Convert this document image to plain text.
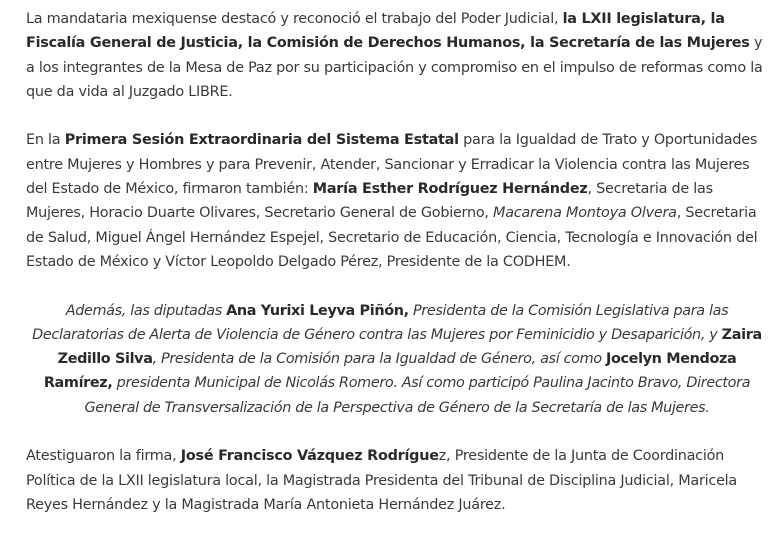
La mandataria mexiquense destacó y reconoció el trabajo del Poder Judicial, la LXII legislatura, la Fiscalía General de Justicia, la Comisión de Derechos Humanos, la Secretaría de las Mujeres y a los integrantes de la Mesa de Paz por su participación y compromiso en el impulso de reformas como la que da vida al Juzgado LIBRE.

En la Primera Sesión Extraordinaria del Sistema Estatal para la Igualdad de Trato y Oportunidades entre Mujeres y Hombres y para Prevenir, Atender, Sancionar y Erradicar la Violencia contra las Mujeres del Estado de México, firmaron también: María Esther Rodríguez Hernández, Secretaria de las Mujeres, Horacio Duarte Olivares, Secretario General de Gobierno, Macarena Montoya Olvera, Secretaria de Salud, Miguel Ángel Hernández Espejel, Secretario de Educación, Ciencia, Tecnología e Innovación del Estado de México y Víctor Leopoldo Delgado Pérez, Presidente de la CODHEM.

Además, las diputadas Ana Yurixi Leyva Piñón, Presidenta de la Comisión Legislativa para las Declaratorias de Alerta de Violencia de Género contra las Mujeres por Feminicidio y Desaparición, y Zaira Zedillo Silva, Presidenta de la Comisión para la Igualdad de Género, así como Jocelyn Mendoza Ramírez, presidenta Municipal de Nicolás Romero. Así como participó Paulina Jacinto Bravo, Directora General de Transversalización de la Perspectiva de Género de la Secretaría de las Mujeres.

Atestiguaron la firma, José Francisco Vázquez Rodríguez, Presidente de la Junta de Coordinación Política de la LXII legislatura local, la Magistrada Presidenta del Tribunal de Disciplina Judicial, Maricela Reyes Hernández y la Magistrada María Antonieta Hernández Juárez.
